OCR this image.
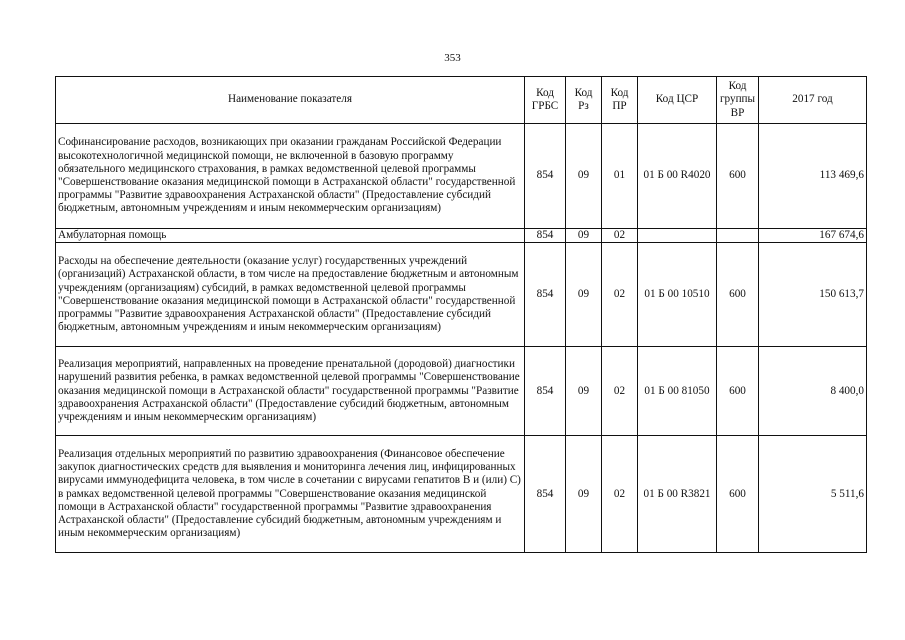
353
Наименование показателя	Код ГРБС	Код Рз	Код ПР	Код ЦСР	Код группы ВР	2017 год
Софинансирование расходов, возникающих при оказании гражданам Российской Федерации высокотехнологичной медицинской помощи, не включенной в базовую программу обязательного медицинского страхования, в рамках ведомственной целевой программы "Совершенствование оказания медицинской помощи в Астраханской области" государственной программы "Развитие здравоохранения Астраханской области" (Предоставление субсидий бюджетным, автономным учреждениям и иным некоммерческим организациям)	854	09	01	01 Б 00 R4020	600	113 469,6
Амбулаторная помощь	854	09	02			167 674,6
Расходы на обеспечение деятельности (оказание услуг) государственных учреждений (организаций) Астраханской области, в том числе на предоставление бюджетным и автономным учреждениям (организациям) субсидий, в рамках ведомственной целевой программы "Совершенствование оказания медицинской помощи в Астраханской области" государственной программы "Развитие здравоохранения Астраханской области" (Предоставление субсидий бюджетным, автономным учреждениям и иным некоммерческим организациям)	854	09	02	01 Б 00 10510	600	150 613,7
Реализация мероприятий, направленных на проведение пренатальной (дородовой) диагностики нарушений развития ребенка, в рамках ведомственной целевой программы "Совершенствование оказания медицинской помощи в Астраханской области" государственной программы "Развитие здравоохранения Астраханской области" (Предоставление субсидий бюджетным, автономным учреждениям и иным некоммерческим организациям)	854	09	02	01 Б 00 81050	600	8 400,0
Реализация отдельных мероприятий по развитию здравоохранения (Финансовое обеспечение закупок диагностических средств для выявления и мониторинга лечения лиц, инфицированных вирусами иммунодефицита человека, в том числе в сочетании с вирусами гепатитов В и (или) С) в рамках ведомственной целевой программы "Совершенствование оказания медицинской помощи в Астраханской области" государственной программы "Развитие здравоохранения Астраханской области" (Предоставление субсидий бюджетным, автономным учреждениям и иным некоммерческим организациям)	854	09	02	01 Б 00 R3821	600	5 511,6
